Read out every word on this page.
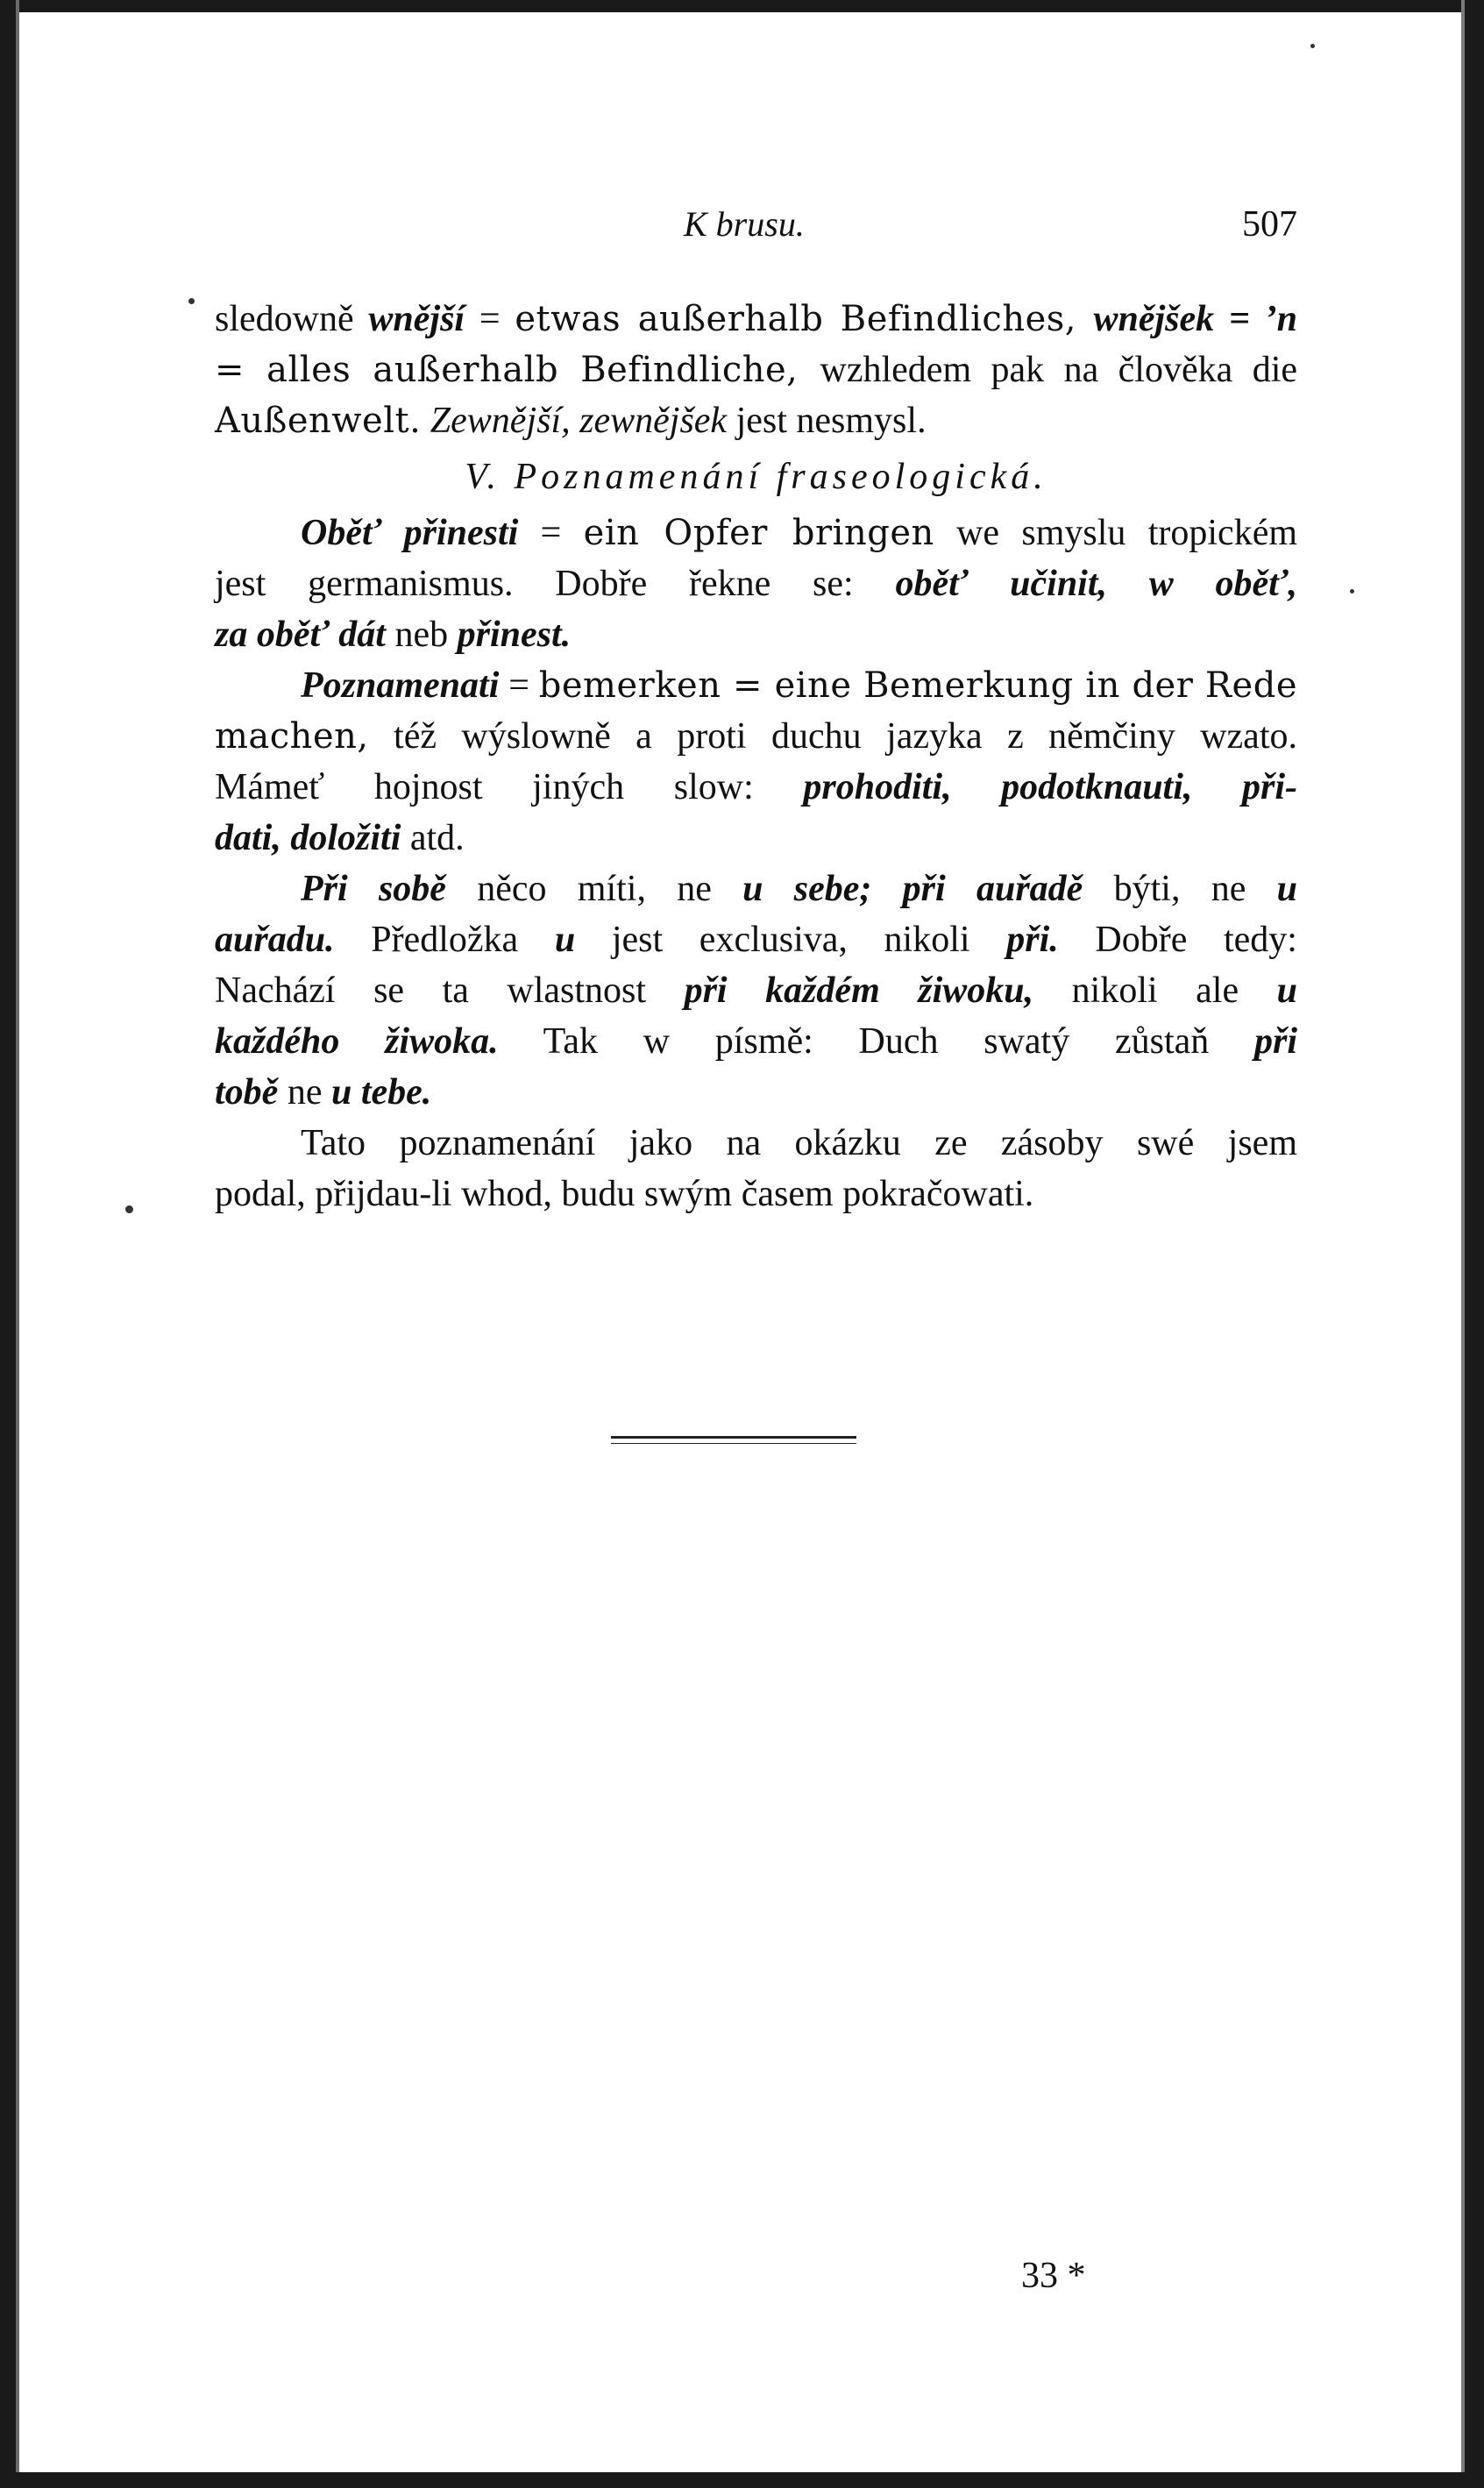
K brusu.	507
sledowně wnější = etwas außerhalb Befindliches, wnějšek = ’n
= alles außerhalb Befindliche, wzhledem pak na člověka die
Außenwelt. Zewnější, zewnějšek jest nesmysl.
V. Poznamenání fraseologická.
Oběť přinesti = ein Opfer bringen we smyslu tropickém
jest germanismus. Dobře řekne se: oběť učinit, w oběť,
za oběť dát neb přinest.
Poznamenati = bemerken = eine Bemerkung in der Rede
machen, též wýslowně a proti duchu jazyka z němčiny wzato.
Mámeť hojnost jiných slow: prohoditi, podotknauti, při-
dati, doložiti atd.
Při sobě něco míti, ne u sebe; při auřadě býti, ne u
auřadu. Předložka u jest exclusiva, nikoli při. Dobře tedy:
Nachází se ta wlastnost při každém žiwoku, nikoli ale u
každého žiwoka. Tak w písmě: Duch swatý zůstaň při
tobě ne u tebe.
Tato poznamenání jako na okázku ze zásoby swé jsem
podal, přijdau-li whod, budu swým časem pokračowati.
33 *
